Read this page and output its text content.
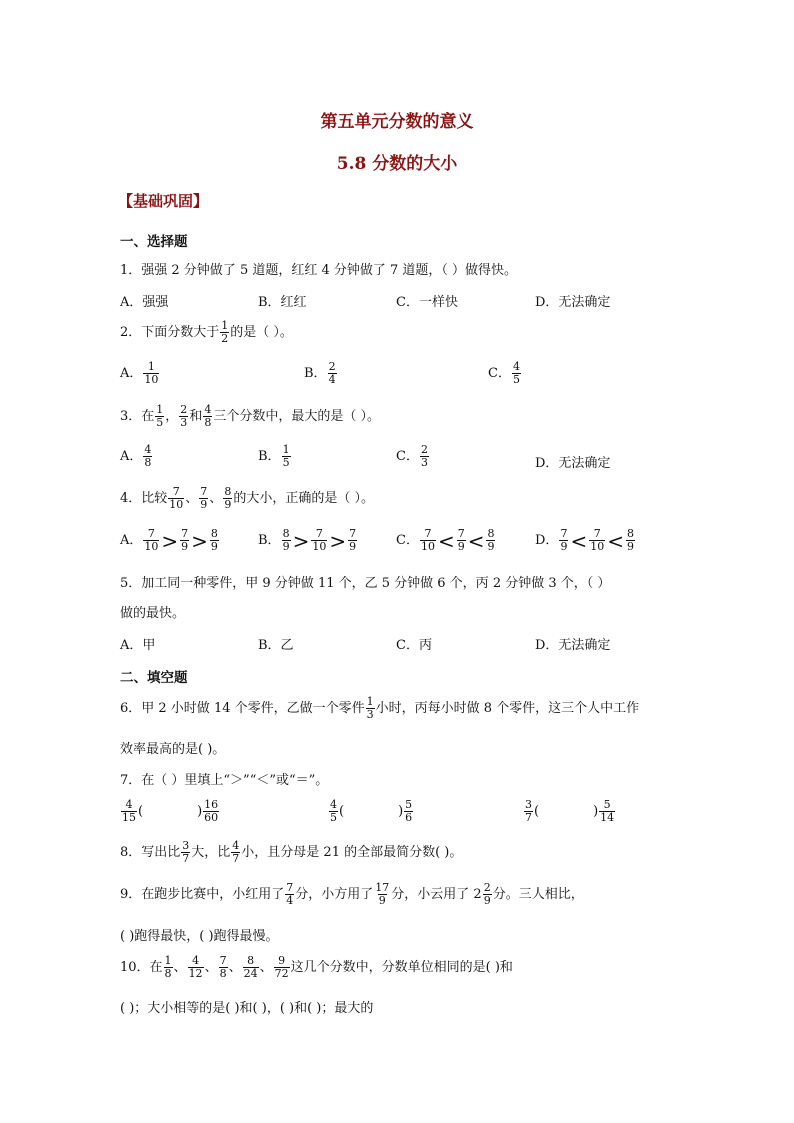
第五单元分数的意义
5.8 分数的大小
【基础巩固】
一、选择题
1．强强 2 分钟做了 5 道题，红红 4 分钟做了 7 道题，（ ）做得快。
A．强强	B．红红	C．一样快	D．无法确定
2．下面分数大于 $\frac{1}{2}$ 的是（ ）。
A． $\frac{1}{10}$	B． $\frac{2}{4}$	C． $\frac{4}{5}$
3．在 $\frac{1}{5}$ ， $\frac{2}{3}$ 和 $\frac{4}{8}$ 三个分数中，最大的是（ ）。
A． $\frac{4}{8}$	B． $\frac{1}{5}$	C． $\frac{2}{3}$	D．无法确定
4．比较 $\frac{7}{10}$ 、 $\frac{7}{9}$ 、 $\frac{8}{9}$ 的大小，正确的是（ ）。
A． $\frac{7}{10} > \frac{7}{9} > \frac{8}{9}$	B． $\frac{8}{9} > \frac{7}{10} > \frac{7}{9}$	C． $\frac{7}{10} < \frac{7}{9} < \frac{8}{9}$	D． $\frac{7}{9} < \frac{7}{10} < \frac{8}{9}$
5．加工同一种零件，甲 9 分钟做 11 个，乙 5 分钟做 6 个，丙 2 分钟做 3 个，（ ）
做的最快。
A．甲	B．乙	C．丙	D．无法确定
二、填空题
6．甲 2 小时做 14 个零件，乙做一个零件 $\frac{1}{3}$ 小时，丙每小时做 8 个零件，这三个人中工作
效率最高的是( )。
7．在（ ）里填上“＞”“＜”或“＝”。
$\frac{4}{15}$ (	) $\frac{16}{60}$	$\frac{4}{5}$ (	) $\frac{5}{6}$	$\frac{3}{7}$ (	) $\frac{5}{14}$
8．写出比 $\frac{3}{7}$ 大，比 $\frac{4}{7}$ 小，且分母是 21 的全部最简分数( )。
9．在跑步比赛中，小红用了 $\frac{7}{4}$ 分，小方用了 $\frac{17}{9}$ 分，小云用了 $2 \frac{2}{9}$ 分。三人相比，
( )跑得最快，( )跑得最慢。
10．在 $\frac{1}{8}$ 、 $\frac{4}{12}$ 、 $\frac{7}{8}$ 、 $\frac{8}{24}$ 、 $\frac{9}{72}$ 这几个分数中，分数单位相同的是( )和
( )；大小相等的是( )和( )，( )和( )；最大的
